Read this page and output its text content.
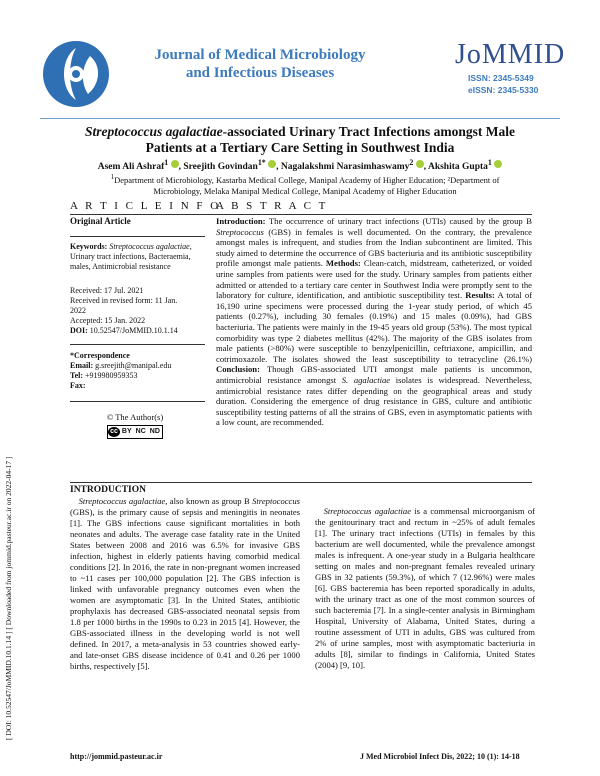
Journal of Medical Microbiology
and Infectious Diseases
JoMMID
ISSN: 2345-5349
eISSN: 2345-5330
Streptococcus agalactiae-associated Urinary Tract Infections amongst Male
Patients at a Tertiary Care Setting in Southwest India
Asem Ali Ashraf$^1$ , Sreejith Govindan$^{1*}$ , Nagalakshmi Narasimhaswamy$^2$ , Akshita Gupta$^1$
$^1$Department of Microbiology, Kastarba Medical College, Manipal Academy of Higher Education; ²Department of
Microbiology, Melaka Manipal Medical College, Manipal Academy of Higher Education
A R T I C L E I N F O
A B S T R A C T
Original Article
Keywords: Streptococcus agalactiae, Urinary tract infections, Bacteraemia, males, Antimicrobial resistance
Received: 17 Jul. 2021
Received in revised form: 11 Jan.
2022
Accepted: 15 Jan. 2022
DOI: 10.52547/JoMMID.10.1.14
*Correspondence
Email: g.sreejith@manipal.edu
Tel: +919980959353
Fax:
© The Author(s)
cc BY NC ND
Introduction: The occurrence of urinary tract infections (UTIs) caused by the group B Streptococcus (GBS) in females is well documented. On the contrary, the prevalence amongst males is infrequent, and studies from the Indian subcontinent are limited. This study aimed to determine the occurrence of GBS bacteriuria and its antibiotic susceptibility profile amongst male patients. Methods: Clean-catch, midstream, catheterized, or voided urine samples from patients were used for the study. Urinary samples from patients either admitted or attended to a tertiary care center in Southwest India were promptly sent to the laboratory for culture, identification, and antibiotic susceptibility test. Results: A total of 16,190 urine specimens were processed during the 1-year study period, of which 45 patients (0.27%), including 30 females (0.19%) and 15 males (0.09%), had GBS bacteriuria. The patients were mainly in the 19-45 years old group (53%). The most typical comorbidity was type 2 diabetes mellitus (42%). The majority of the GBS isolates from male patients (>80%) were susceptible to benzylpenicillin, ceftriaxone, ampicillin, and cotrimoxazole. The isolates showed the least susceptibility to tetracycline (26.1%) Conclusion: Though GBS-associated UTI amongst male patients is uncommon, antimicrobial resistance amongst S. agalactiae isolates is widespread. Nevertheless, antimicrobial resistance rates differ depending on the geographical areas and study duration. Considering the emergence of drug resistance in GBS, culture and antibiotic susceptibility testing patterns of all the strains of GBS, even in asymptomatic patients with a low count, are recommended.
[ DOI: 10.52547/JoMMID.10.1.14 ] [ Downloaded from jommid.pasteur.ac.ir on 2022-04-17 ]	INTRODUCTION
 Streptococcus agalactiae, also known as group B Streptococcus (GBS), is the primary cause of sepsis and meningitis in neonates [1]. The GBS infections cause significant mortalities in both neonates and adults. The average case fatality rate in the United States between 2008 and 2016 was 6.5% for invasive GBS infection, highest in elderly patients having comorbid medical conditions [2]. In 2016, the rate in non-pregnant women increased to ~11 cases per 100,000 population [2]. The GBS infection is linked with unfavorable pregnancy outcomes even when the women are asymptomatic [3]. In the United States, antibiotic prophylaxis has decreased GBS-associated neonatal sepsis from 1.8 per 1000 births in the 1990s to 0.23 in 2015 [4]. However, the GBS-associated illness in the developing world is not well defined. In 2017, a meta-analysis in 53 countries showed early- and late-onset GBS disease incidence of 0.41 and 0.26 per 1000 births, respectively [5].
 Streptococcus agalactiae is a commensal microorganism of the genitourinary tract and rectum in ~25% of adult females [1]. The urinary tract infections (UTIs) in females by this bacterium are well documented, while the prevalence amongst males is infrequent. A one-year study in a Bulgaria healthcare setting on males and non-pregnant females revealed urinary GBS in 32 patients (59.3%), of which 7 (12.96%) were males [6]. GBS bacteremia has been reported sporadically in adults, with the urinary tract as one of the most common sources of such bacteremia [7]. In a single-center analysis in Birmingham Hospital, University of Alabama, United States, during a routine assessment of UTI in adults, GBS was cultured from 2% of urine samples, most with asymptomatic bacteriuria in adults [8], similar to findings in California, United States (2004) [9, 10].
http://jommid.pasteur.ac.ir	J Med Microbiol Infect Dis, 2022; 10 (1): 14-18
